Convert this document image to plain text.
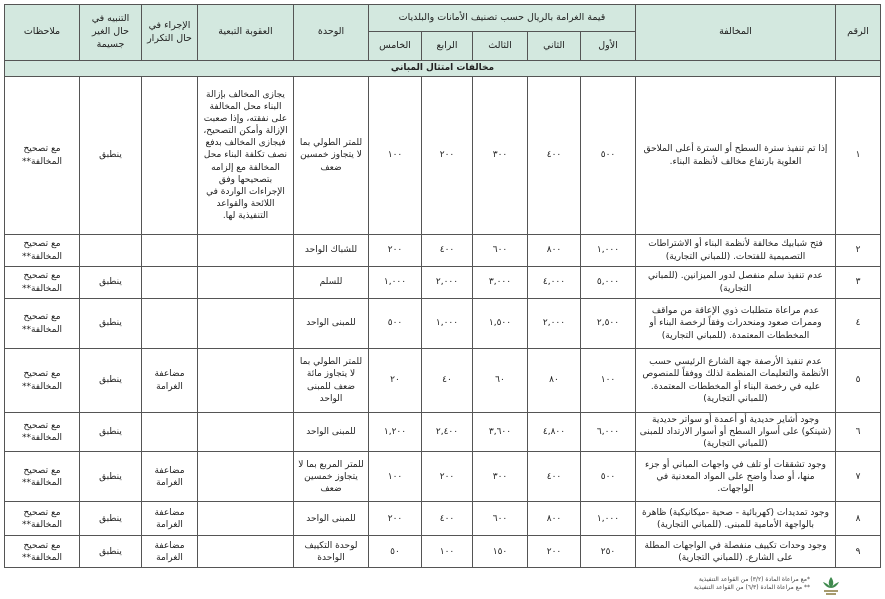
الرقم	المخالفة	قيمة الغرامة بالريال حسب تصنيف الأمانات والبلديات					الوحدة	العقوبة التبعية	الإجراء في حال التكرار	التنبيه في حال الغير جسيمة	ملاحظات
		الأول	الثاني	الثالث	الرابع	الخامس					
مخالفات امتثال المباني											
١	إذا تم تنفيذ سترة السطح أو السترة أعلى الملاحق العلوية بارتفاع مخالف لأنظمة البناء.	٥٠٠	٤٠٠	٣٠٠	٢٠٠	١٠٠	للمتر الطولي بما لا يتجاوز خمسين ضعف	يجازى المخالف بإزالة البناء محل المخالفة على نفقته، وإذا صعبت الإزالة وأمكن التصحيح، فيجازى المخالف بدفع نصف تكلفة البناء محل المخالفة مع إلزامه بتصحيحها وفق الإجراءات الواردة في اللائحة والقواعد التنفيذية لها.		ينطبق	مع تصحيح المخالفة**
٢	فتح شبابيك مخالفة لأنظمة البناء أو الاشتراطات التصميمية للفتحات. (للمباني التجارية)	١,٠٠٠	٨٠٠	٦٠٠	٤٠٠	٢٠٠	للشباك الواحد				مع تصحيح المخالفة**
٣	عدم تنفيذ سلم منفصل لدور الميزانين. (للمباني التجارية)	٥,٠٠٠	٤,٠٠٠	٣,٠٠٠	٢,٠٠٠	١,٠٠٠	للسلم			ينطبق	مع تصحيح المخالفة**
٤	عدم مراعاة متطلبات ذوي الإعاقة من مواقف وممرات صعود ومنحدرات وفقاً لرخصة البناء أو المخططات المعتمدة. (للمباني التجارية)	٢,٥٠٠	٢,٠٠٠	١,٥٠٠	١,٠٠٠	٥٠٠	للمبنى الواحد			ينطبق	مع تصحيح المخالفة**
٥	عدم تنفيذ الأرصفة جهة الشارع الرئيسي حسب الأنظمة والتعليمات المنظمة لذلك ووفقاً للمنصوص عليه في رخصة البناء أو المخططات المعتمدة. (للمباني التجارية)	١٠٠	٨٠	٦٠	٤٠	٢٠	للمتر الطولي بما لا يتجاوز مائة ضعف للمبنى الواحد		مضاعفة الغرامة	ينطبق	مع تصحيح المخالفة**
٦	وجود أشاير حديدية أو أعمدة أو سواتر حديدية (شينكو) على أسوار السطح أو أسوار الارتداد للمبنى (للمباني التجارية)	٦,٠٠٠	٤,٨٠٠	٣,٦٠٠	٢,٤٠٠	١,٢٠٠	للمبنى الواحد			ينطبق	مع تصحيح المخالفة**
٧	وجود تشققات أو تلف في واجهات المباني أو جزء منها، أو صدأ واضح على المواد المعدنية في الواجهات.	٥٠٠	٤٠٠	٣٠٠	٢٠٠	١٠٠	للمتر المربع بما لا يتجاوز خمسين ضعف		مضاعفة الغرامة	ينطبق	مع تصحيح المخالفة**
٨	وجود تمديدات (كهربائية - صحية -ميكانيكية) ظاهرة بالواجهة الأمامية للمبنى. (للمباني التجارية)	١,٠٠٠	٨٠٠	٦٠٠	٤٠٠	٢٠٠	للمبنى الواحد		مضاعفة الغرامة	ينطبق	مع تصحيح المخالفة**
٩	وجود وحدات تكييف منفصلة في الواجهات المطلة على الشارع. (للمباني التجارية)	٢٥٠	٢٠٠	١٥٠	١٠٠	٥٠	لوحدة التكييف الواحدة		مضاعفة الغرامة	ينطبق	مع تصحيح المخالفة**
*مع مراعاة المادة (٣/٢) من القواعد التنفيذية
** مع مراعاة المادة (٦/٣) من القواعد التنفيذية
